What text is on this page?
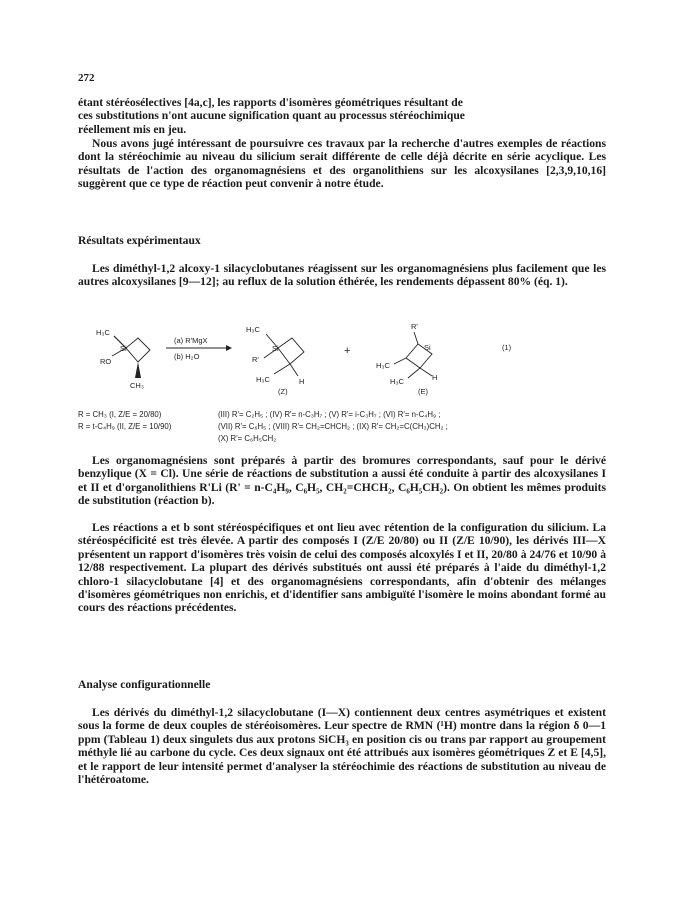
272
étant stéréosélectives [4a,c], les rapports d'isomères géométriques résultant de
ces substitutions n'ont aucune signification quant au processus stéréochimique
réellement mis en jeu.

Nous avons jugé intéressant de poursuivre ces travaux par la recherche d'autres exemples de réactions dont la stéréochimie au niveau du silicium serait différente de celle déjà décrite en série acyclique. Les résultats de l'action des organomagnésiens et des organolithiens sur les alcoxysilanes [2,3,9,10,16] suggèrent que ce type de réaction peut convenir à notre étude.

Résultats expérimentaux

Les diméthyl-1,2 alcoxy-1 silacyclobutanes réagissent sur les organomagnésiens plus facilement que les autres alcoxysilanes [9—12]; au reflux de la solution éthérée, les rendements dépassent 80% (éq. 1).

H₃C
Si
RO
CH₃
(a) R'MgX
(b) H₂O
H₃C
Si
R'
H₃C	H
(Z)
+
R'
Si
H₃C
H₃C	H
(E)
(1)
R = CH₃ (I, Z/E = 20/80)
R = t-C₄H₉ (II, Z/E = 10/90)
(III) R'= C₂H₅ ; (IV) R'= n-C₃H₇ ; (V) R'= i-C₃H₇ ; (VI) R'= n-C₄H₉ ;
(VII) R'= C₆H₅ ; (VIII) R'= CH₂=CHCH₂ ; (IX) R'= CH₂=C(CH₃)CH₂ ;
(X) R'= C₆H₅CH₂

Les organomagnésiens sont préparés à partir des bromures correspondants, sauf pour le dérivé benzylique (X = Cl). Une série de réactions de substitution a aussi été conduite à partir des alcoxysilanes I et II et d'organolithiens R'Li (R' = n-C₄H₉, C₆H₅, CH₂=CHCH₂, C₆H₅CH₂). On obtient les mêmes produits de substitution (réaction b).

Les réactions a et b sont stéréospécifiques et ont lieu avec rétention de la configuration du silicium. La stéréospécificité est très élevée. A partir des composés I (Z/E 20/80) ou II (Z/E 10/90), les dérivés III—X présentent un rapport d'isomères très voisin de celui des composés alcoxylés I et II, 20/80 à 24/76 et 10/90 à 12/88 respectivement. La plupart des dérivés substitués ont aussi été préparés à l'aide du diméthyl-1,2 chloro-1 silacyclobutane [4] et des organomagnésiens correspondants, afin d'obtenir des mélanges d'isomères géométriques non enrichis, et d'identifier sans ambiguïté l'isomère le moins abondant formé au cours des réactions précédentes.

Analyse configurationnelle

Les dérivés du diméthyl-1,2 silacyclobutane (I—X) contiennent deux centres asymétriques et existent sous la forme de deux couples de stéréoisomères. Leur spectre de RMN (¹H) montre dans la région δ 0—1 ppm (Tableau 1) deux singulets dus aux protons SiCH₃ en position cis ou trans par rapport au groupement méthyle lié au carbone du cycle. Ces deux signaux ont été attribués aux isomères géométriques Z et E [4,5], et le rapport de leur intensité permet d'analyser la stéréochimie des réactions de substitution au niveau de l'hétéroatome.
